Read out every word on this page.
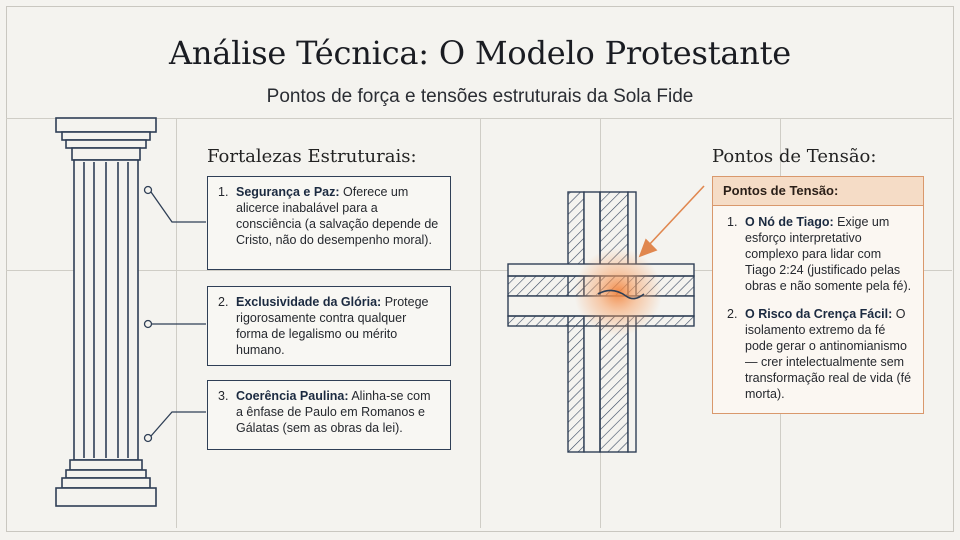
Análise Técnica: O Modelo Protestante
Pontos de força e tensões estruturais da Sola Fide
Fortalezas Estruturais:
1. Segurança e Paz: Oferece um alicerce inabalável para a consciência (a salvação depende de Cristo, não do desempenho moral).
2. Exclusividade da Glória: Protege rigorosamente contra qualquer forma de legalismo ou mérito humano.
3. Coerência Paulina: Alinha-se com a ênfase de Paulo em Romanos e Gálatas (sem as obras da lei).
Pontos de Tensão:
Pontos de Tensão:
1. O Nó de Tiago: Exige um esforço interpretativo complexo para lidar com Tiago 2:24 (justificado pelas obras e não somente pela fé).
2. O Risco da Crença Fácil: O isolamento extremo da fé pode gerar o antinomianismo — crer intelectualmente sem transformação real de vida (fé morta).
